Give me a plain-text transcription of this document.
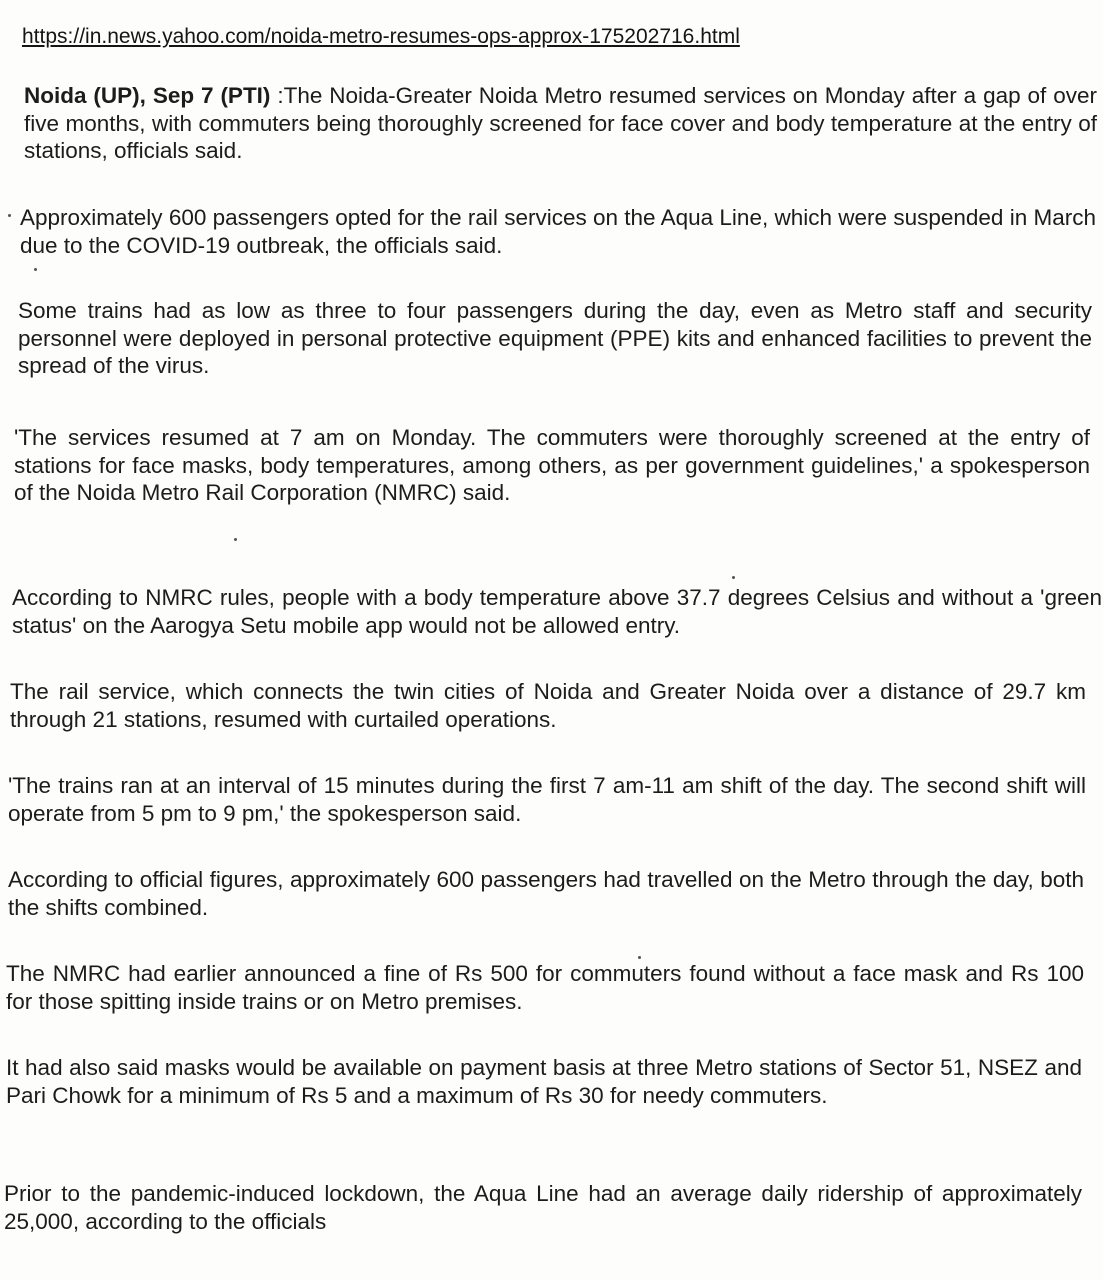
https://in.news.yahoo.com/noida-metro-resumes-ops-approx-175202716.html

Noida (UP), Sep 7 (PTI) :The Noida-Greater Noida Metro resumed services on Monday after a gap of over five months, with commuters being thoroughly screened for face cover and body temperature at the entry of stations, officials said.

Approximately 600 passengers opted for the rail services on the Aqua Line, which were suspended in March due to the COVID-19 outbreak, the officials said.

Some trains had as low as three to four passengers during the day, even as Metro staff and security personnel were deployed in personal protective equipment (PPE) kits and enhanced facilities to prevent the spread of the virus.

'The services resumed at 7 am on Monday. The commuters were thoroughly screened at the entry of stations for face masks, body temperatures, among others, as per government guidelines,' a spokesperson of the Noida Metro Rail Corporation (NMRC) said.

According to NMRC rules, people with a body temperature above 37.7 degrees Celsius and without a 'green status' on the Aarogya Setu mobile app would not be allowed entry.

The rail service, which connects the twin cities of Noida and Greater Noida over a distance of 29.7 km through 21 stations, resumed with curtailed operations.

'The trains ran at an interval of 15 minutes during the first 7 am-11 am shift of the day. The second shift will operate from 5 pm to 9 pm,' the spokesperson said.

According to official figures, approximately 600 passengers had travelled on the Metro through the day, both the shifts combined.

The NMRC had earlier announced a fine of Rs 500 for commuters found without a face mask and Rs 100 for those spitting inside trains or on Metro premises.

It had also said masks would be available on payment basis at three Metro stations of Sector 51, NSEZ and Pari Chowk for a minimum of Rs 5 and a maximum of Rs 30 for needy commuters.

Prior to the pandemic-induced lockdown, the Aqua Line had an average daily ridership of approximately 25,000, according to the officials
